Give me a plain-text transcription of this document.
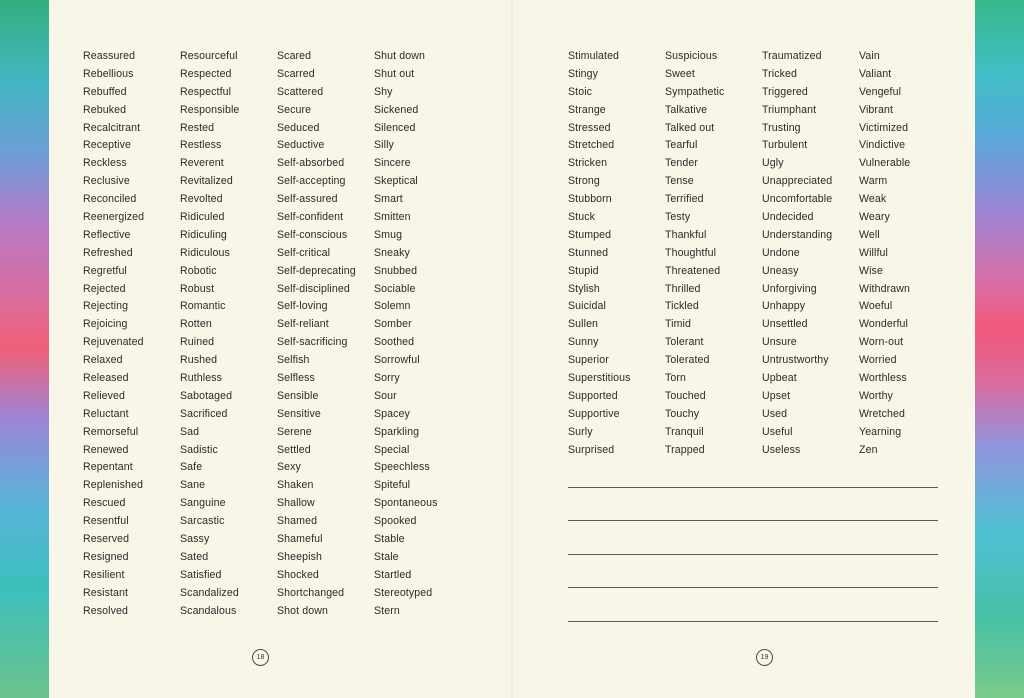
Reassured
Rebellious
Rebuffed
Rebuked
Recalcitrant
Receptive
Reckless
Reclusive
Reconciled
Reenergized
Reflective
Refreshed
Regretful
Rejected
Rejecting
Rejoicing
Rejuvenated
Relaxed
Released
Relieved
Reluctant
Remorseful
Renewed
Repentant
Replenished
Rescued
Resentful
Reserved
Resigned
Resilient
Resistant
Resolved
Resourceful
Respected
Respectful
Responsible
Rested
Restless
Reverent
Revitalized
Revolted
Ridiculed
Ridiculing
Ridiculous
Robotic
Robust
Romantic
Rotten
Ruined
Rushed
Ruthless
Sabotaged
Sacrificed
Sad
Sadistic
Safe
Sane
Sanguine
Sarcastic
Sassy
Sated
Satisfied
Scandalized
Scandalous
Scared
Scarred
Scattered
Secure
Seduced
Seductive
Self-absorbed
Self-accepting
Self-assured
Self-confident
Self-conscious
Self-critical
Self-deprecating
Self-disciplined
Self-loving
Self-reliant
Self-sacrificing
Selfish
Selfless
Sensible
Sensitive
Serene
Settled
Sexy
Shaken
Shallow
Shamed
Shameful
Sheepish
Shocked
Shortchanged
Shot down
Shut down
Shut out
Shy
Sickened
Silenced
Silly
Sincere
Skeptical
Smart
Smitten
Smug
Sneaky
Snubbed
Sociable
Solemn
Somber
Soothed
Sorrowful
Sorry
Sour
Spacey
Sparkling
Special
Speechless
Spiteful
Spontaneous
Spooked
Stable
Stale
Startled
Stereotyped
Stern
Stimulated
Stingy
Stoic
Strange
Stressed
Stretched
Stricken
Strong
Stubborn
Stuck
Stumped
Stunned
Stupid
Stylish
Suicidal
Sullen
Sunny
Superior
Superstitious
Supported
Supportive
Surly
Surprised
Suspicious
Sweet
Sympathetic
Talkative
Talked out
Tearful
Tender
Tense
Terrified
Testy
Thankful
Thoughtful
Threatened
Thrilled
Tickled
Timid
Tolerant
Tolerated
Torn
Touched
Touchy
Tranquil
Trapped
Traumatized
Tricked
Triggered
Triumphant
Trusting
Turbulent
Ugly
Unappreciated
Uncomfortable
Undecided
Understanding
Undone
Uneasy
Unforgiving
Unhappy
Unsettled
Unsure
Untrustworthy
Upbeat
Upset
Used
Useful
Useless
Vain
Valiant
Vengeful
Vibrant
Victimized
Vindictive
Vulnerable
Warm
Weak
Weary
Well
Willful
Wise
Withdrawn
Woeful
Wonderful
Worn-out
Worried
Worthless
Worthy
Wretched
Yearning
Zen
18	19
